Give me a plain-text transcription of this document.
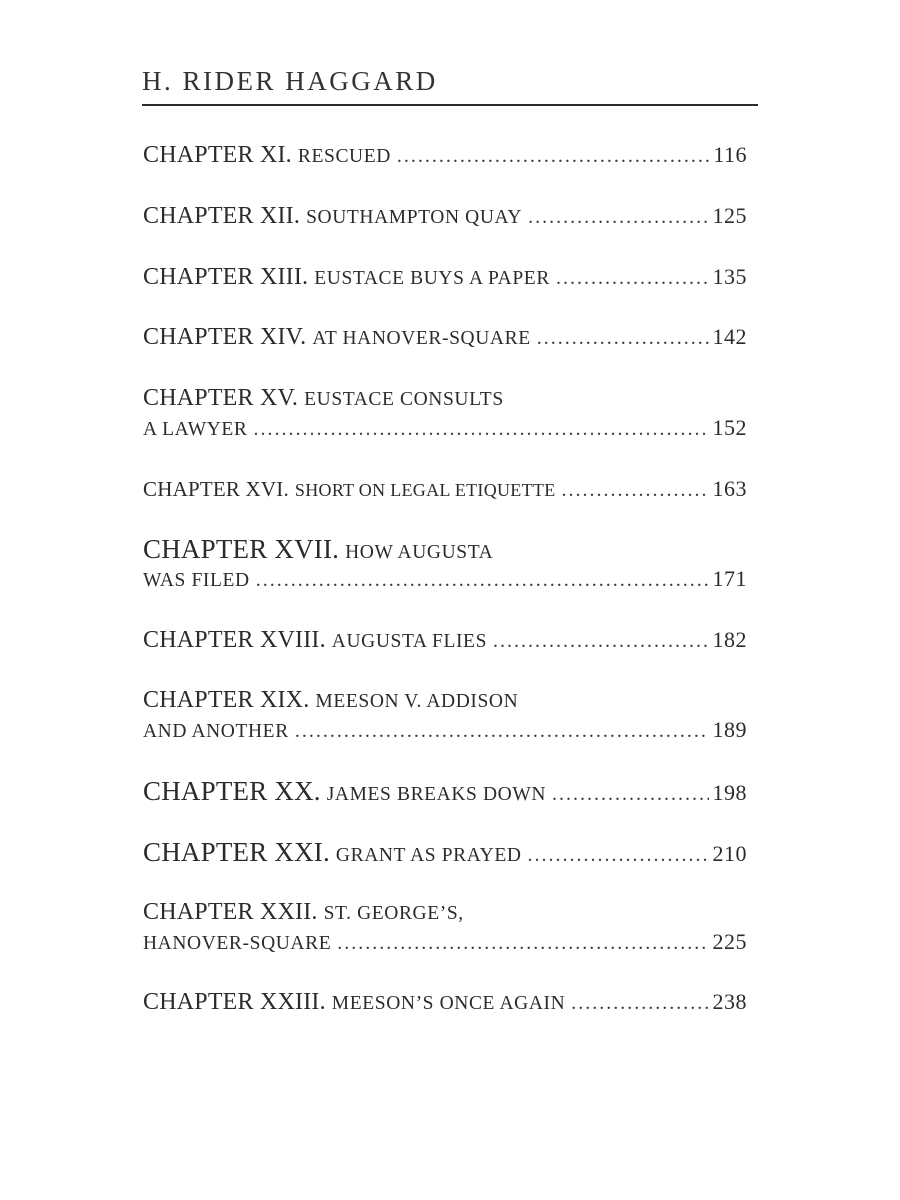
H. RIDER HAGGARD
CHAPTER XI. RESCUED . . .	116
CHAPTER XII. SOUTHAMPTON QUAY . . .	125
CHAPTER XIII. EUSTACE BUYS A PAPER . . .	135
CHAPTER XIV. AT HANOVER-SQUARE . . .	142
CHAPTER XV. EUSTACE CONSULTS
A LAWYER . . .	152
CHAPTER XVI. SHORT ON LEGAL ETIQUETTE . . .	163
CHAPTER XVII. HOW AUGUSTA
WAS FILED . . .	171
CHAPTER XVIII. AUGUSTA FLIES . . .	182
CHAPTER XIX. MEESON V. ADDISON
AND ANOTHER . . .	189
CHAPTER XX. JAMES BREAKS DOWN . . .	198
CHAPTER XXI. GRANT AS PRAYED . . .	210
CHAPTER XXII. ST. GEORGE’S,
HANOVER-SQUARE . . .	225
CHAPTER XXIII. MEESON’S ONCE AGAIN . . .	238
